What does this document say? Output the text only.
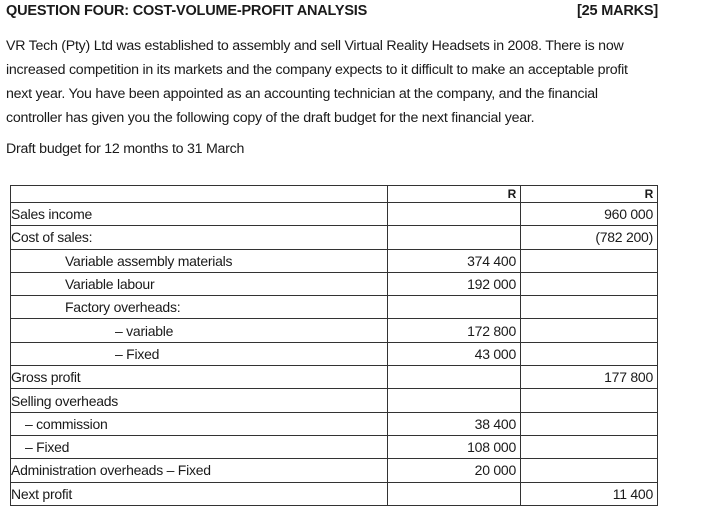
QUESTION FOUR: COST-VOLUME-PROFIT ANALYSIS	[25 MARKS]

VR Tech (Pty) Ltd was established to assembly and sell Virtual Reality Headsets in 2008. There is now

increased competition in its markets and the company expects to it difficult to make an acceptable profit

next year. You have been appointed as an accounting technician at the company, and the financial

controller has given you the following copy of the draft budget for the next financial year.

Draft budget for 12 months to 31 March
	R	R
Sales income		960 000
Cost of sales:		(782 200)
Variable assembly materials	374 400	
Variable labour	192 000	
Factory overheads:		
– variable	172 800	
– Fixed	43 000	
Gross profit		177 800
Selling overheads		
– commission	38 400	
– Fixed	108 000	
Administration overheads – Fixed	20 000	
Next profit		11 400
